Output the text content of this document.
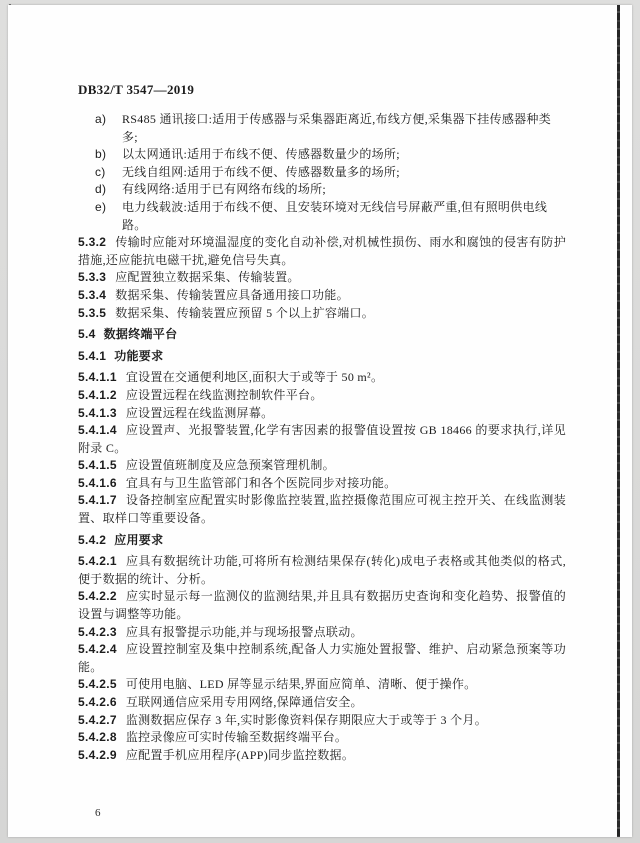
DB32/T 3547—2019

a) RS485 通讯接口:适用于传感器与采集器距离近,布线方便,采集器下挂传感器种类多;

b) 以太网通讯:适用于布线不便、传感器数量少的场所;

c) 无线自组网:适用于布线不便、传感器数量多的场所;

d) 有线网络:适用于已有网络布线的场所;

e) 电力线载波:适用于布线不便、且安装环境对无线信号屏蔽严重,但有照明供电线路。

5.3.2 传输时应能对环境温湿度的变化自动补偿,对机械性损伤、雨水和腐蚀的侵害有防护措施,还应能抗电磁干扰,避免信号失真。

5.3.3 应配置独立数据采集、传输装置。

5.3.4 数据采集、传输装置应具备通用接口功能。

5.3.5 数据采集、传输装置应预留 5 个以上扩容端口。

5.4 数据终端平台

5.4.1 功能要求

5.4.1.1 宜设置在交通便利地区,面积大于或等于 50 m²。

5.4.1.2 应设置远程在线监测控制软件平台。

5.4.1.3 应设置远程在线监测屏幕。

5.4.1.4 应设置声、光报警装置,化学有害因素的报警值设置按 GB 18466 的要求执行,详见附录 C。

5.4.1.5 应设置值班制度及应急预案管理机制。

5.4.1.6 宜具有与卫生监管部门和各个医院同步对接功能。

5.4.1.7 设备控制室应配置实时影像监控装置,监控摄像范围应可视主控开关、在线监测装置、取样口等重要设备。

5.4.2 应用要求

5.4.2.1 应具有数据统计功能,可将所有检测结果保存(转化)成电子表格或其他类似的格式,便于数据的统计、分析。

5.4.2.2 应实时显示每一监测仪的监测结果,并且具有数据历史查询和变化趋势、报警值的设置与调整等功能。

5.4.2.3 应具有报警提示功能,并与现场报警点联动。

5.4.2.4 应设置控制室及集中控制系统,配备人力实施处置报警、维护、启动紧急预案等功能。

5.4.2.5 可使用电脑、LED 屏等显示结果,界面应简单、清晰、便于操作。

5.4.2.6 互联网通信应采用专用网络,保障通信安全。

5.4.2.7 监测数据应保存 3 年,实时影像资料保存期限应大于或等于 3 个月。

5.4.2.8 监控录像应可实时传输至数据终端平台。

5.4.2.9 应配置手机应用程序(APP)同步监控数据。

6
